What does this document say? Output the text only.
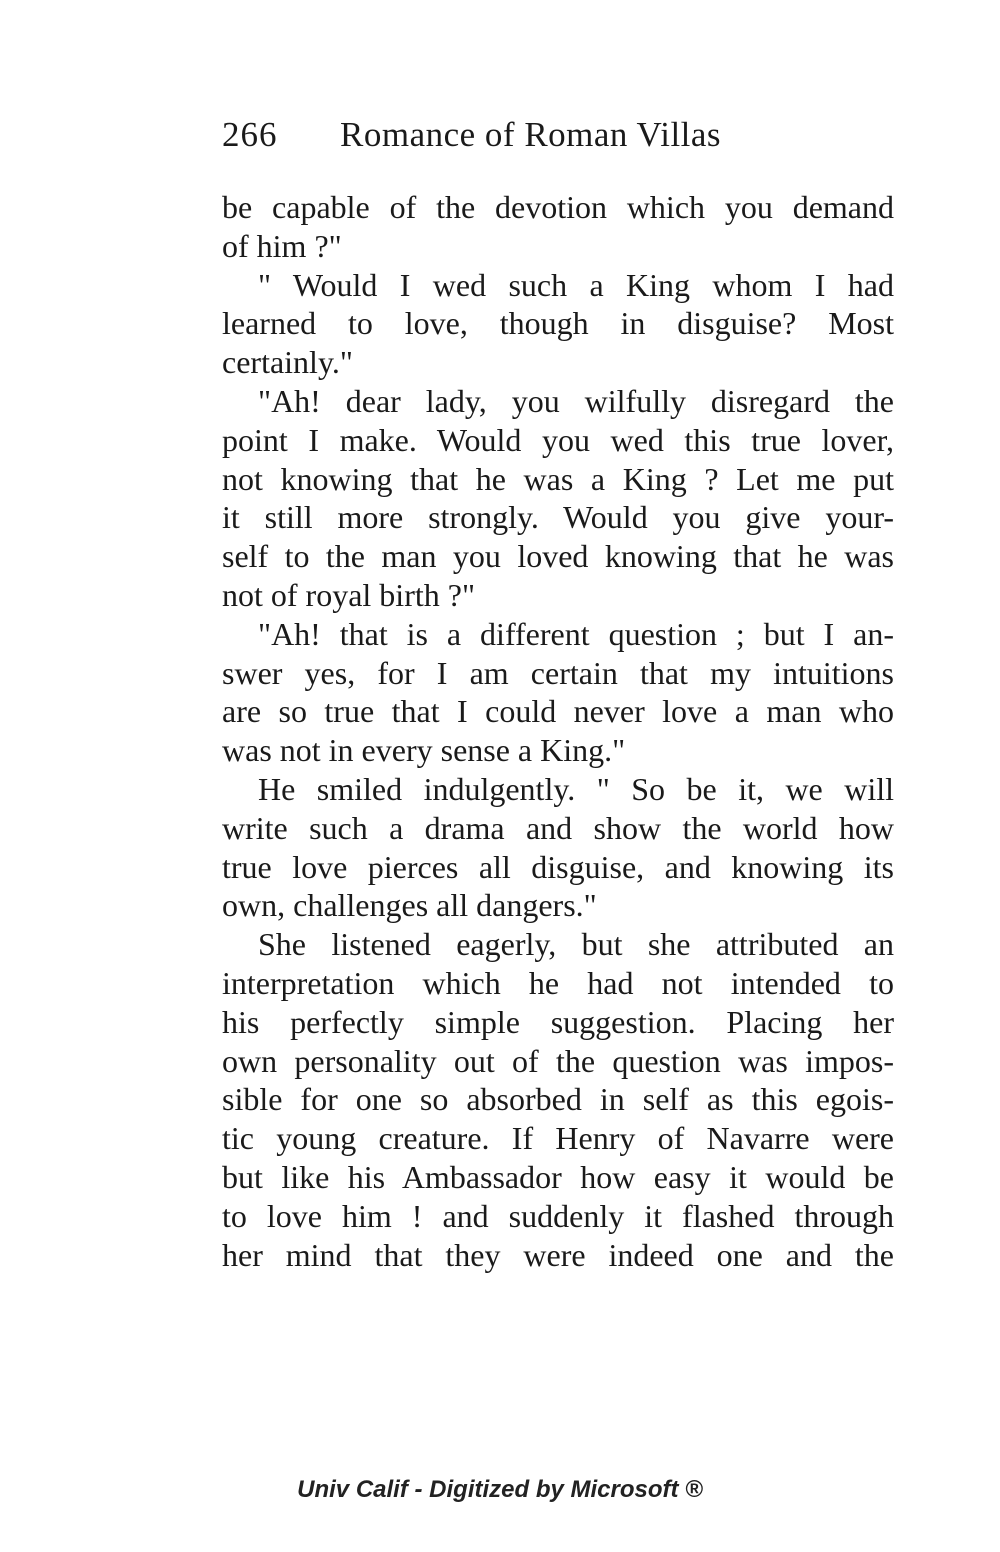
266 Romance of Roman Villas
be capable of the devotion which you demand
of him ?"
" Would I wed such a King whom I had
learned to love, though in disguise? Most
certainly."
"Ah! dear lady, you wilfully disregard the
point I make. Would you wed this true lover,
not knowing that he was a King ? Let me put
it still more strongly. Would you give your-
self to the man you loved knowing that he was
not of royal birth ?"
"Ah! that is a different question ; but I an-
swer yes, for I am certain that my intuitions
are so true that I could never love a man who
was not in every sense a King."
He smiled indulgently. " So be it, we will
write such a drama and show the world how
true love pierces all disguise, and knowing its
own, challenges all dangers."
She listened eagerly, but she attributed an
interpretation which he had not intended to
his perfectly simple suggestion. Placing her
own personality out of the question was impos-
sible for one so absorbed in self as this egois-
tic young creature. If Henry of Navarre were
but like his Ambassador how easy it would be
to love him ! and suddenly it flashed through
her mind that they were indeed one and the
Univ Calif - Digitized by Microsoft ®
